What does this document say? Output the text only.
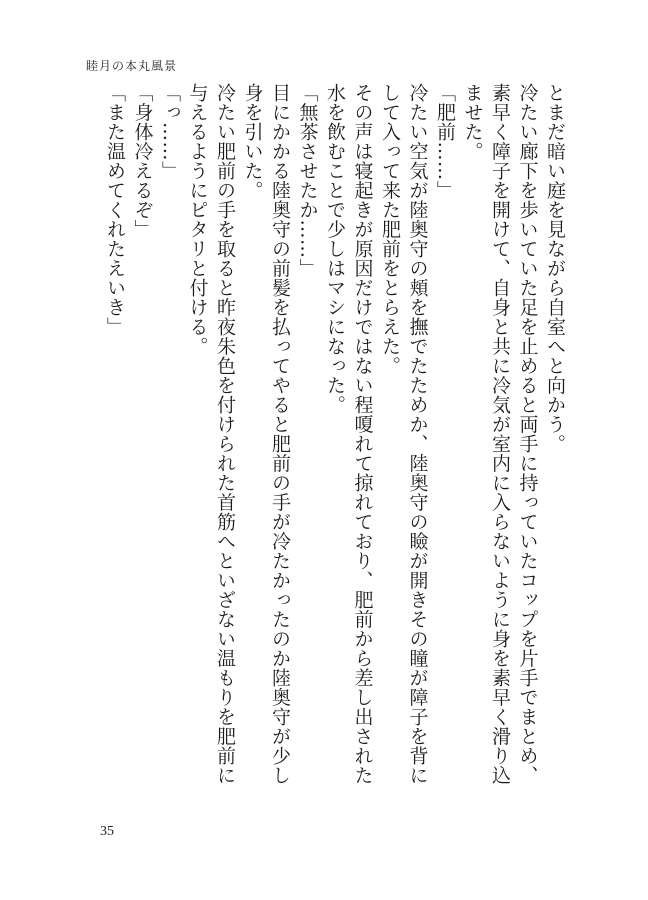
睦月の本丸風景

とまだ暗い庭を見ながら自室へと向かう。

冷たい廊下を歩いていた足を止めると両手に持っていたコップを片手でまとめ、素早く障子を開けて、自身と共に冷気が室内に入らないように身を素早く滑り込ませた。

「肥前……」

冷たい空気が陸奥守の頬を撫でたためか、陸奥守の瞼が開きその瞳が障子を背にして入って来た肥前をとらえた。

その声は寝起きが原因だけではない程嗄れて掠れており、肥前から差し出された水を飲むことで少しはマシになった。

「無茶させたか……」

目にかかる陸奥守の前髪を払ってやると肥前の手が冷たかったのか陸奥守が少し身を引いた。

冷たい肥前の手を取ると昨夜朱色を付けられた首筋へといざない温もりを肥前に与えるようにピタリと付ける。

「っ……」

「身体冷えるぞ」

「また温めてくれたえいき」

35
